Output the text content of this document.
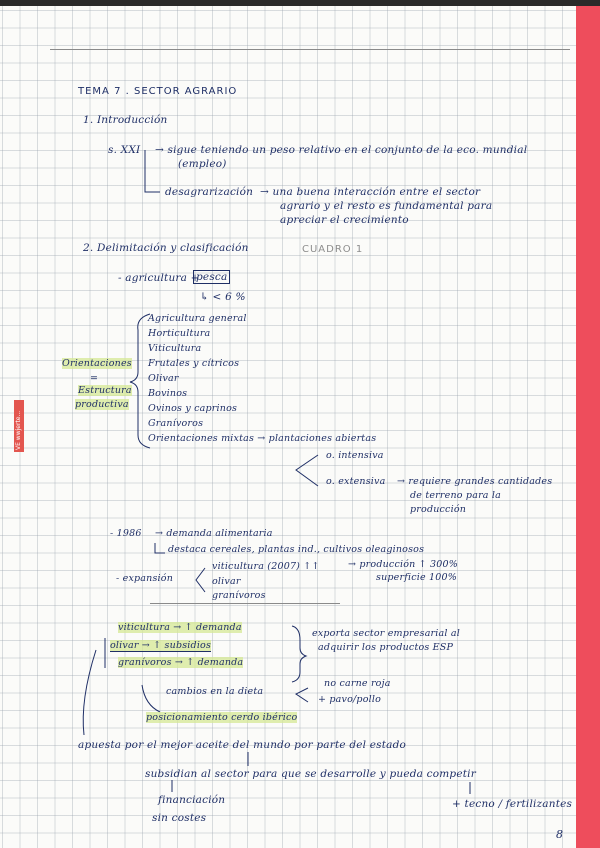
VE wwjerte...
TEMA 7 . SECTOR AGRARIO
1. Introducción
s. XXI → sigue teniendo un peso relativo en el conjunto de la eco. mundial
(empleo)
desagrarización → una buena interacción entre el sector
agrario y el resto es fundamental para
apreciar el crecimiento
2. Delimitación y clasificación	CUADRO 1
- agricultura +
pesca
↳ < 6 %
Orientaciones
=
Estructura
productiva
Agricultura general
Horticultura
Viticultura
Frutales y cítricos
Olivar
Bovinos
Ovinos y caprinos
Granívoros
Orientaciones mixtas → plantaciones abiertas
o. intensiva
o. extensiva → requiere grandes cantidades
de terreno para la
producción
- 1986 → demanda alimentaria
destaca cereales, plantas ind., cultivos oleaginosos
- expansión
viticultura (2007) ↑↑	→ producción ↑ 300%
superficie 100%
olivar
granívoros
viticultura → ↑ demanda
olivar → ↑ subsidios
granívoros → ↑ demanda
exporta sector empresarial al
adquirir los productos ESP
cambios en la dieta
no carne roja
+ pavo/pollo
posicionamiento cerdo ibérico
apuesta por el mejor aceite del mundo por parte del estado
subsidian al sector para que se desarrolle y pueda competir
financiación
sin costes
+ tecno / fertilizantes
8
